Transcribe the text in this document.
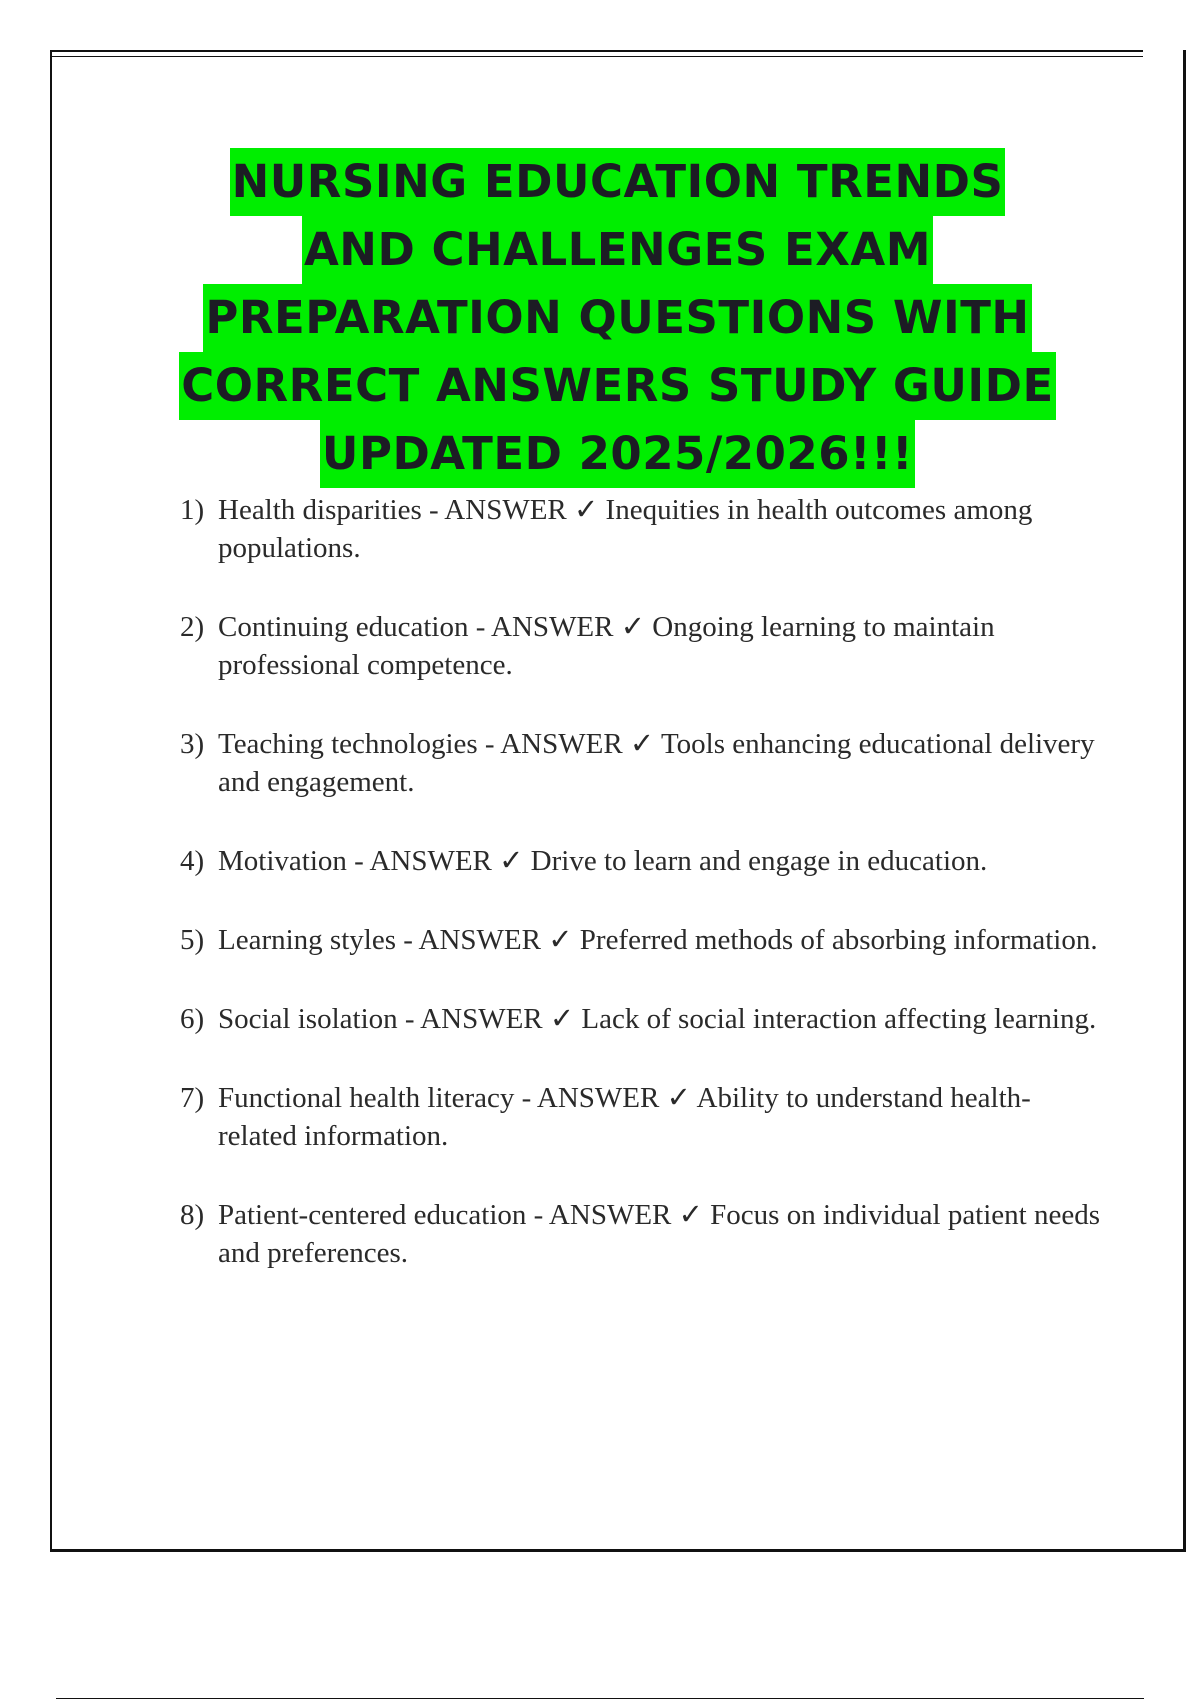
NURSING EDUCATION TRENDS
AND CHALLENGES EXAM
PREPARATION QUESTIONS WITH
CORRECT ANSWERS STUDY GUIDE
UPDATED 2025/2026!!!
1) Health disparities - ANSWER ✓ Inequities in health outcomes among populations.
2) Continuing education - ANSWER ✓ Ongoing learning to maintain professional competence.
3) Teaching technologies - ANSWER ✓ Tools enhancing educational delivery and engagement.
4) Motivation - ANSWER ✓ Drive to learn and engage in education.
5) Learning styles - ANSWER ✓ Preferred methods of absorbing information.
6) Social isolation - ANSWER ✓ Lack of social interaction affecting learning.
7) Functional health literacy - ANSWER ✓ Ability to understand health-related information.
8) Patient-centered education - ANSWER ✓ Focus on individual patient needs and preferences.
